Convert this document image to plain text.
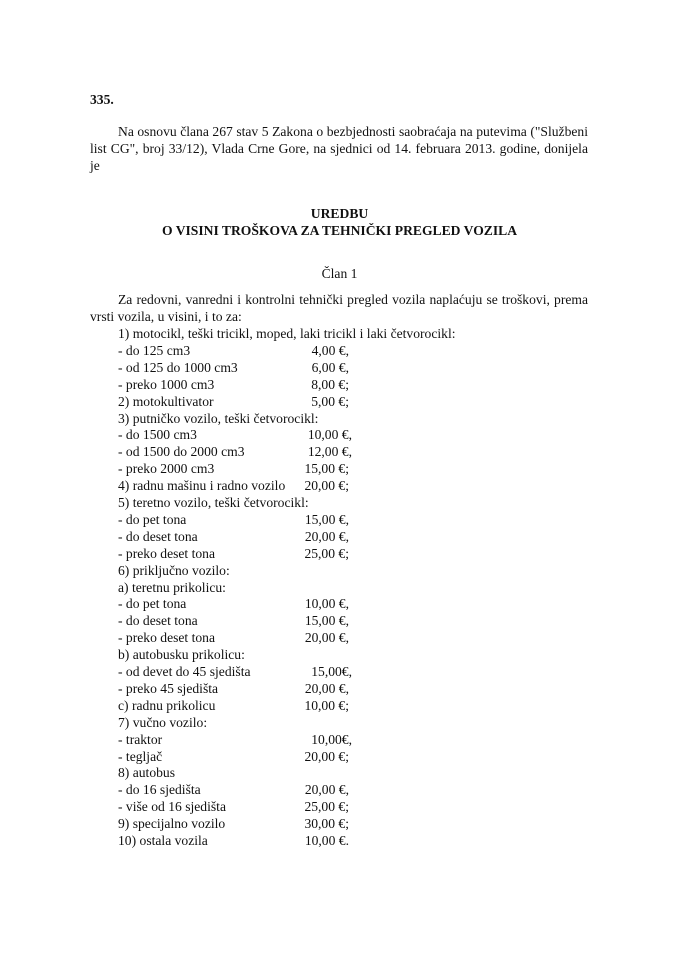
335.
Na osnovu člana 267 stav 5 Zakona o bezbjednosti saobraćaja na putevima ("Službeni list CG", broj 33/12), Vlada Crne Gore, na sjednici od 14. februara 2013. godine, donijela je
UREDBU
O VISINI TROŠKOVA ZA TEHNIČKI PREGLED VOZILA
Član 1
Za redovni, vanredni i kontrolni tehnički pregled vozila naplaćuju se troškovi, prema vrsti vozila, u visini, i to za:
1) motocikl, teški tricikl, moped, laki tricikl i laki četvorocikl:
- do 125 cm3	4,00 €,
- od 125 do 1000 cm3	6,00 €,
- preko 1000 cm3	8,00 €;
2) motokultivator	5,00 €;
3) putničko vozilo, teški četvorocikl:
- do 1500 cm3	10,00 €,
- od 1500 do 2000 cm3	12,00 €,
- preko 2000 cm3	15,00 €;
4) radnu mašinu i radno vozilo 20,00 €;
5) teretno vozilo, teški četvorocikl:
- do pet tona	15,00 €,
- do deset tona	20,00 €,
- preko deset tona	25,00 €;
6) priključno vozilo:
a) teretnu prikolicu:
- do pet tona	10,00 €,
- do deset tona	15,00 €,
- preko deset tona	20,00 €,
b) autobusku prikolicu:
- od devet do 45 sjedišta	15,00€,
- preko 45 sjedišta	20,00 €,
c) radnu prikolicu	10,00 €;
7) vučno vozilo:
- traktor	10,00€,
- tegljač	20,00 €;
8) autobus
- do 16 sjedišta	20,00 €,
- više od 16 sjedišta	25,00 €;
9) specijalno vozilo	30,00 €;
10) ostala vozila	10,00 €.
